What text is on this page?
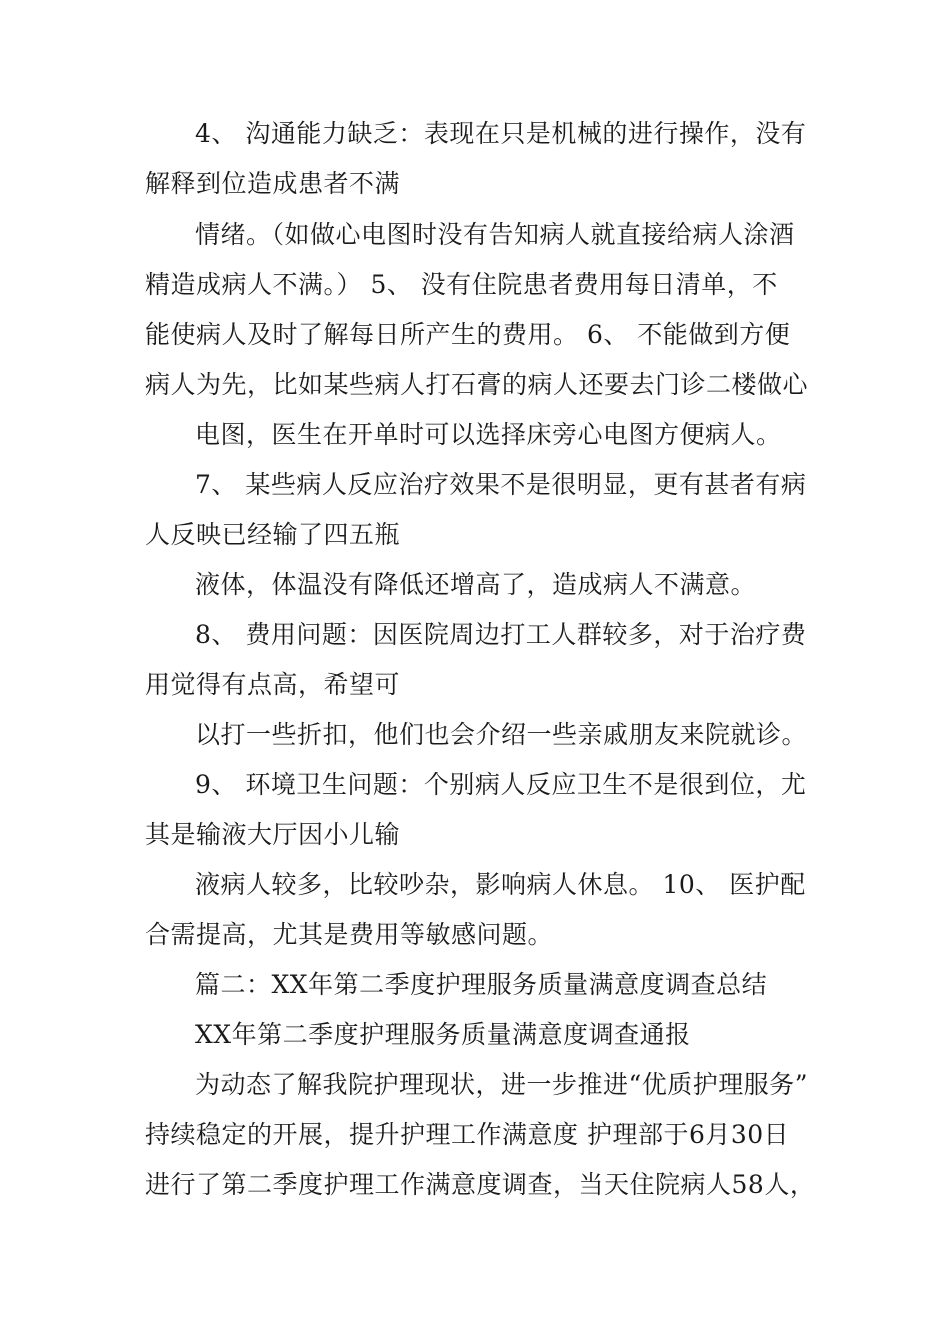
4、 沟通能力缺乏：表现在只是机械的进行操作，没有
解释到位造成患者不满
情绪。（如做心电图时没有告知病人就直接给病人涂酒
精造成病人不满。） 5、 没有住院患者费用每日清单，不
能使病人及时了解每日所产生的费用。 6、 不能做到方便
病人为先，比如某些病人打石膏的病人还要去门诊二楼做心
电图，医生在开单时可以选择床旁心电图方便病人。
7、 某些病人反应治疗效果不是很明显，更有甚者有病
人反映已经输了四五瓶
液体，体温没有降低还增高了，造成病人不满意。
8、 费用问题：因医院周边打工人群较多，对于治疗费
用觉得有点高，希望可
以打一些折扣，他们也会介绍一些亲戚朋友来院就诊。
9、 环境卫生问题：个别病人反应卫生不是很到位，尤
其是输液大厅因小儿输
液病人较多，比较吵杂，影响病人休息。 10、 医护配
合需提高，尤其是费用等敏感问题。
篇二：XX年第二季度护理服务质量满意度调查总结
XX年第二季度护理服务质量满意度调查通报
为动态了解我院护理现状，进一步推进“优质护理服务”
持续稳定的开展，提升护理工作满意度 护理部于6月30日
进行了第二季度护理工作满意度调查，当天住院病人58人，
